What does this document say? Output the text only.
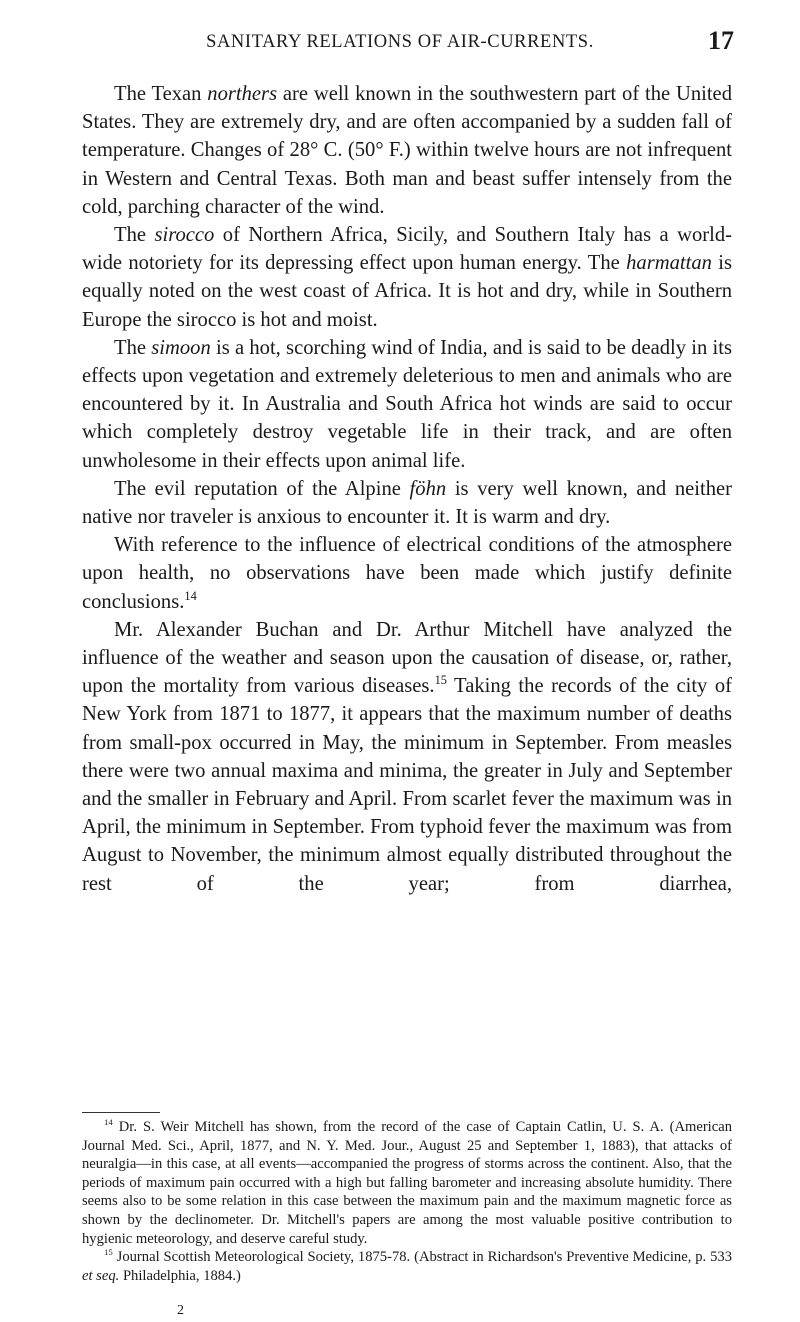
SANITARY RELATIONS OF AIR-CURRENTS.	17

The Texan northers are well known in the southwestern part of the United States. They are extremely dry, and are often accompanied by a sudden fall of temperature. Changes of 28° C. (50° F.) within twelve hours are not infrequent in Western and Central Texas. Both man and beast suffer intensely from the cold, parching character of the wind.

The sirocco of Northern Africa, Sicily, and Southern Italy has a world-wide notoriety for its depressing effect upon human energy. The harmattan is equally noted on the west coast of Africa. It is hot and dry, while in Southern Europe the sirocco is hot and moist.

The simoon is a hot, scorching wind of India, and is said to be deadly in its effects upon vegetation and extremely deleterious to men and animals who are encountered by it. In Australia and South Africa hot winds are said to occur which completely destroy vegetable life in their track, and are often unwholesome in their effects upon animal life.

The evil reputation of the Alpine föhn is very well known, and neither native nor traveler is anxious to encounter it. It is warm and dry.

With reference to the influence of electrical conditions of the atmosphere upon health, no observations have been made which justify definite conclusions.$^{14}$

Mr. Alexander Buchan and Dr. Arthur Mitchell have analyzed the influence of the weather and season upon the causation of disease, or, rather, upon the mortality from various diseases.$^{15}$ Taking the records of the city of New York from 1871 to 1877, it appears that the maximum number of deaths from small-pox occurred in May, the minimum in September. From measles there were two annual maxima and minima, the greater in July and September and the smaller in February and April. From scarlet fever the maximum was in April, the minimum in September. From typhoid fever the maximum was from August to November, the minimum almost equally distributed throughout the rest of the year; from diarrhea,

$^{14}$ Dr. S. Weir Mitchell has shown, from the record of the case of Captain Catlin, U. S. A. (American Journal Med. Sci., April, 1877, and N. Y. Med. Jour., August 25 and September 1, 1883), that attacks of neuralgia—in this case, at all events—accompanied the progress of storms across the continent. Also, that the periods of maximum pain occurred with a high but falling barometer and increasing absolute humidity. There seems also to be some relation in this case between the maximum pain and the maximum magnetic force as shown by the declinometer. Dr. Mitchell's papers are among the most valuable positive contribution to hygienic meteorology, and deserve careful study.

$^{15}$ Journal Scottish Meteorological Society, 1875-78. (Abstract in Richardson's Preventive Medicine, p. 533 et seq. Philadelphia, 1884.)

2
